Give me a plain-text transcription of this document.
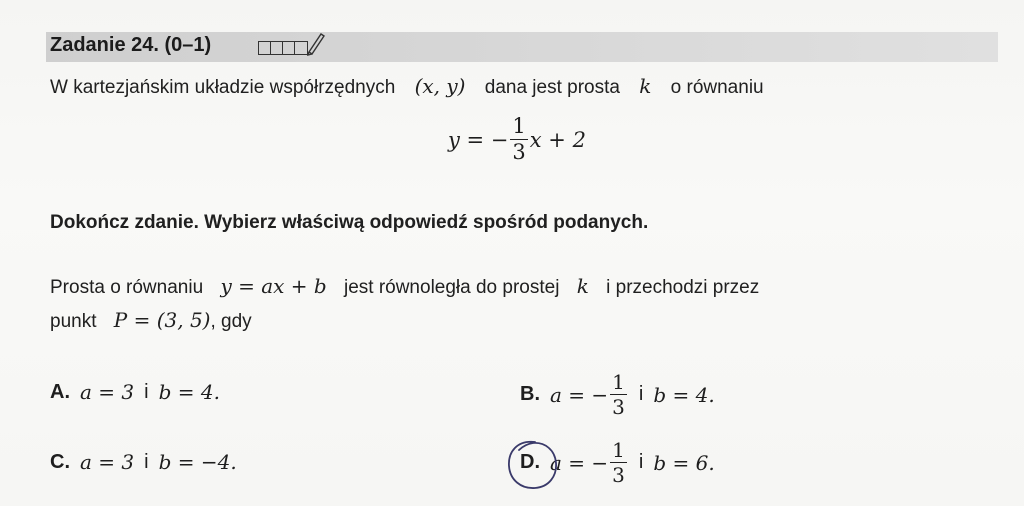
Zadanie 24. (0–1)
W kartezjańskim układzie współrzędnych (x, y) dana jest prosta k o równaniu
y = − $\frac{1}{3}$ x + 2
Dokończ zdanie. Wybierz właściwą odpowiedź spośród podanych.
Prosta o równaniu y = ax + b jest równoległa do prostej k i przechodzi przez
punkt P = (3, 5), gdy
A. a = 3 i b = 4.	B. a = − $\frac{1}{3}$ i b = 4.
C. a = 3 i b = −4.	D. a = − $\frac{1}{3}$ i b = 6.
